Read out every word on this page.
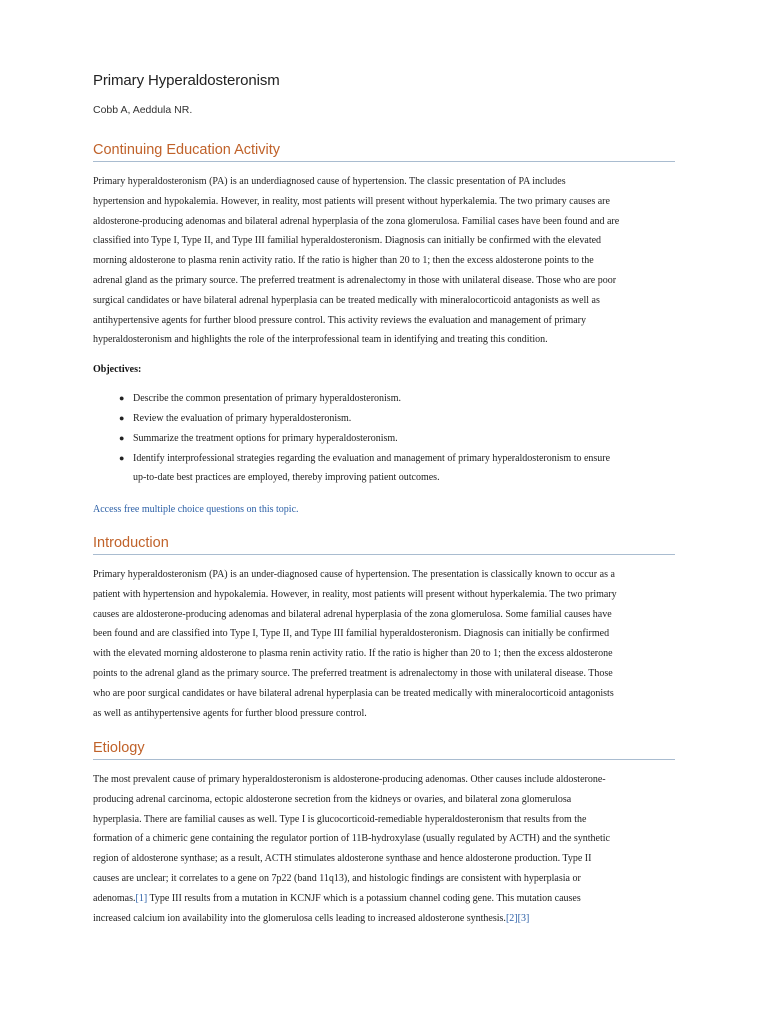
Primary Hyperaldosteronism
Cobb A, Aeddula NR.
Continuing Education Activity

Primary hyperaldosteronism (PA) is an underdiagnosed cause of hypertension. The classic presentation of PA includes
hypertension and hypokalemia. However, in reality, most patients will present without hyperkalemia. The two primary causes are
aldosterone-producing adenomas and bilateral adrenal hyperplasia of the zona glomerulosa. Familial cases have been found and are
classified into Type I, Type II, and Type III familial hyperaldosteronism. Diagnosis can initially be confirmed with the elevated
morning aldosterone to plasma renin activity ratio. If the ratio is higher than 20 to 1; then the excess aldosterone points to the
adrenal gland as the primary source. The preferred treatment is adrenalectomy in those with unilateral disease. Those who are poor
surgical candidates or have bilateral adrenal hyperplasia can be treated medically with mineralocorticoid antagonists as well as
antihypertensive agents for further blood pressure control. This activity reviews the evaluation and management of primary
hyperaldosteronism and highlights the role of the interprofessional team in identifying and treating this condition.

Objectives:

● Describe the common presentation of primary hyperaldosteronism.
● Review the evaluation of primary hyperaldosteronism.
● Summarize the treatment options for primary hyperaldosteronism.
● Identify interprofessional strategies regarding the evaluation and management of primary hyperaldosteronism to ensure
up-to-date best practices are employed, thereby improving patient outcomes.

Access free multiple choice questions on this topic.

Introduction

Primary hyperaldosteronism (PA) is an under-diagnosed cause of hypertension. The presentation is classically known to occur as a
patient with hypertension and hypokalemia. However, in reality, most patients will present without hyperkalemia. The two primary
causes are aldosterone-producing adenomas and bilateral adrenal hyperplasia of the zona glomerulosa. Some familial causes have
been found and are classified into Type I, Type II, and Type III familial hyperaldosteronism. Diagnosis can initially be confirmed
with the elevated morning aldosterone to plasma renin activity ratio. If the ratio is higher than 20 to 1; then the excess aldosterone
points to the adrenal gland as the primary source. The preferred treatment is adrenalectomy in those with unilateral disease. Those
who are poor surgical candidates or have bilateral adrenal hyperplasia can be treated medically with mineralocorticoid antagonists
as well as antihypertensive agents for further blood pressure control.

Etiology

The most prevalent cause of primary hyperaldosteronism is aldosterone-producing adenomas. Other causes include aldosterone-
producing adrenal carcinoma, ectopic aldosterone secretion from the kidneys or ovaries, and bilateral zona glomerulosa
hyperplasia. There are familial causes as well. Type I is glucocorticoid-remediable hyperaldosteronism that results from the
formation of a chimeric gene containing the regulator portion of 11B-hydroxylase (usually regulated by ACTH) and the synthetic
region of aldosterone synthase; as a result, ACTH stimulates aldosterone synthase and hence aldosterone production. Type II
causes are unclear; it correlates to a gene on 7p22 (band 11q13), and histologic findings are consistent with hyperplasia or
adenomas.[1] Type III results from a mutation in KCNJF which is a potassium channel coding gene. This mutation causes
increased calcium ion availability into the glomerulosa cells leading to increased aldosterone synthesis.[2][3]
